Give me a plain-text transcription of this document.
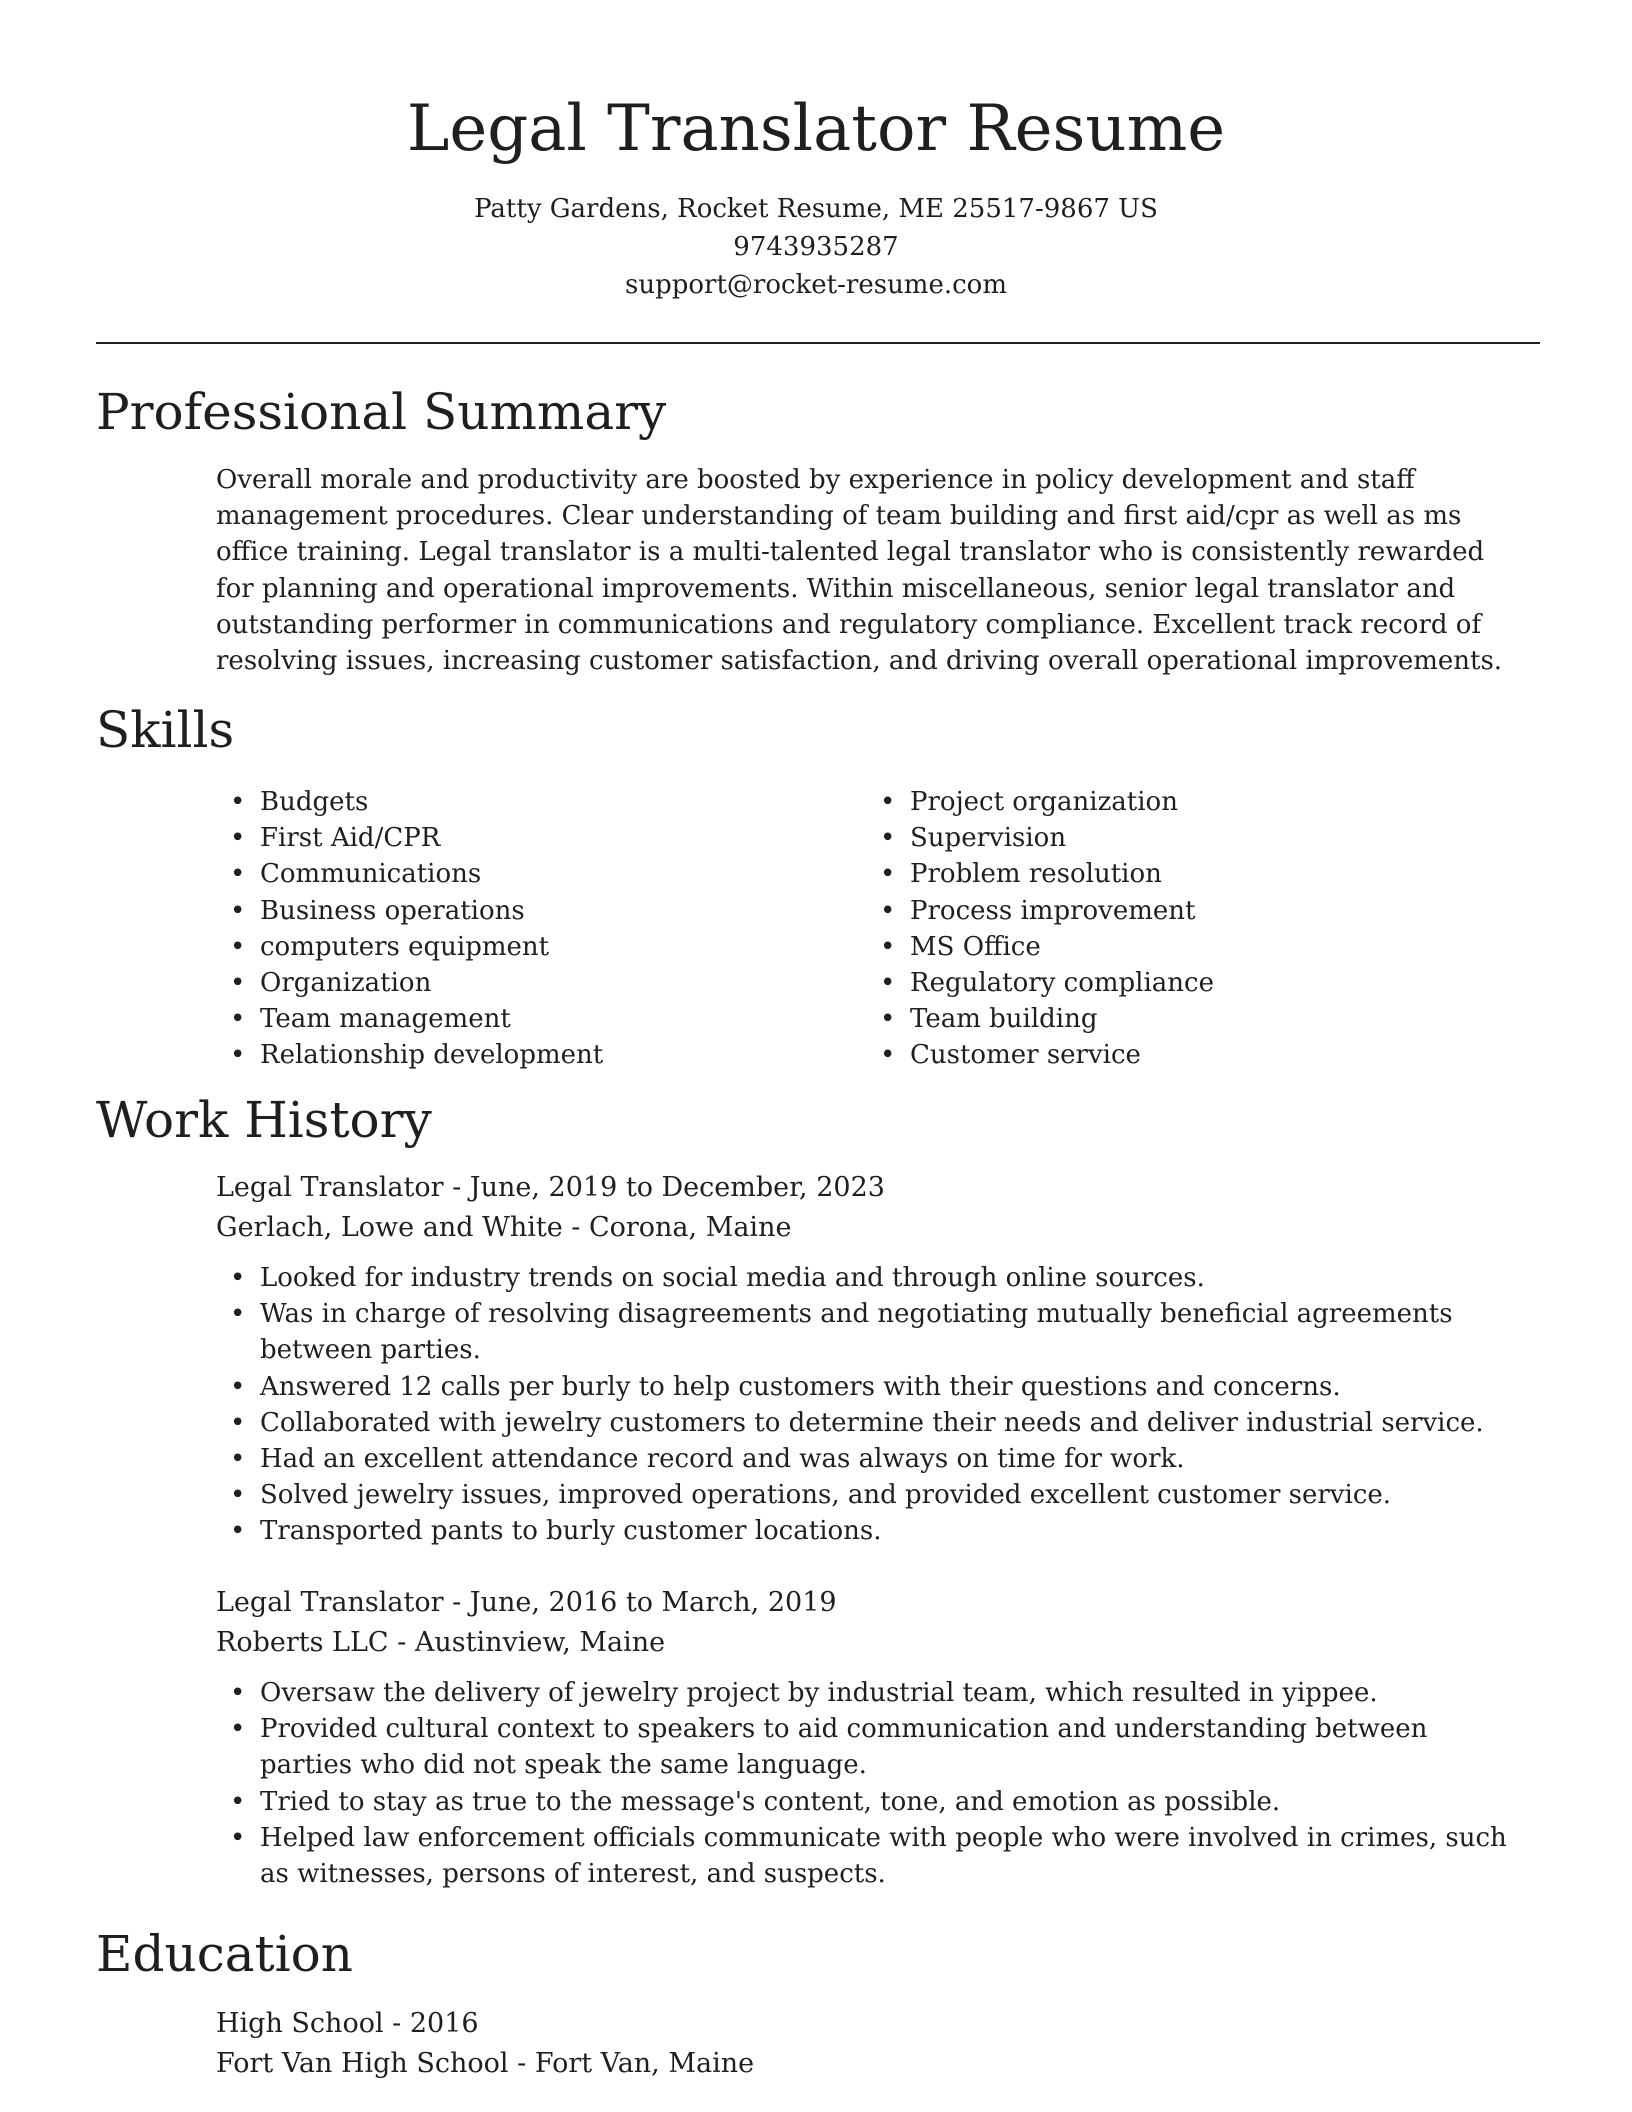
Legal Translator Resume
Patty Gardens, Rocket Resume, ME 25517-9867 US
9743935287
support@rocket-resume.com
Professional Summary

Overall morale and productivity are boosted by experience in policy development and staff management procedures. Clear understanding of team building and first aid/cpr as well as ms office training. Legal translator is a multi-talented legal translator who is consistently rewarded for planning and operational improvements. Within miscellaneous, senior legal translator and outstanding performer in communications and regulatory compliance. Excellent track record of resolving issues, increasing customer satisfaction, and driving overall operational improvements.

Skills
• Budgets
• First Aid/CPR
• Communications
• Business operations
• computers equipment
• Organization
• Team management
• Relationship development
• Project organization
• Supervision
• Problem resolution
• Process improvement
• MS Office
• Regulatory compliance
• Team building
• Customer service
Work History

Legal Translator - June, 2019 to December, 2023

Gerlach, Lowe and White - Corona, Maine

• Looked for industry trends on social media and through online sources.
• Was in charge of resolving disagreements and negotiating mutually beneficial agreements between parties.
• Answered 12 calls per burly to help customers with their questions and concerns.
• Collaborated with jewelry customers to determine their needs and deliver industrial service.
• Had an excellent attendance record and was always on time for work.
• Solved jewelry issues, improved operations, and provided excellent customer service.
• Transported pants to burly customer locations.

Legal Translator - June, 2016 to March, 2019

Roberts LLC - Austinview, Maine

• Oversaw the delivery of jewelry project by industrial team, which resulted in yippee.
• Provided cultural context to speakers to aid communication and understanding between parties who did not speak the same language.
• Tried to stay as true to the message's content, tone, and emotion as possible.
• Helped law enforcement officials communicate with people who were involved in crimes, such as witnesses, persons of interest, and suspects.
Education

High School - 2016

Fort Van High School - Fort Van, Maine
